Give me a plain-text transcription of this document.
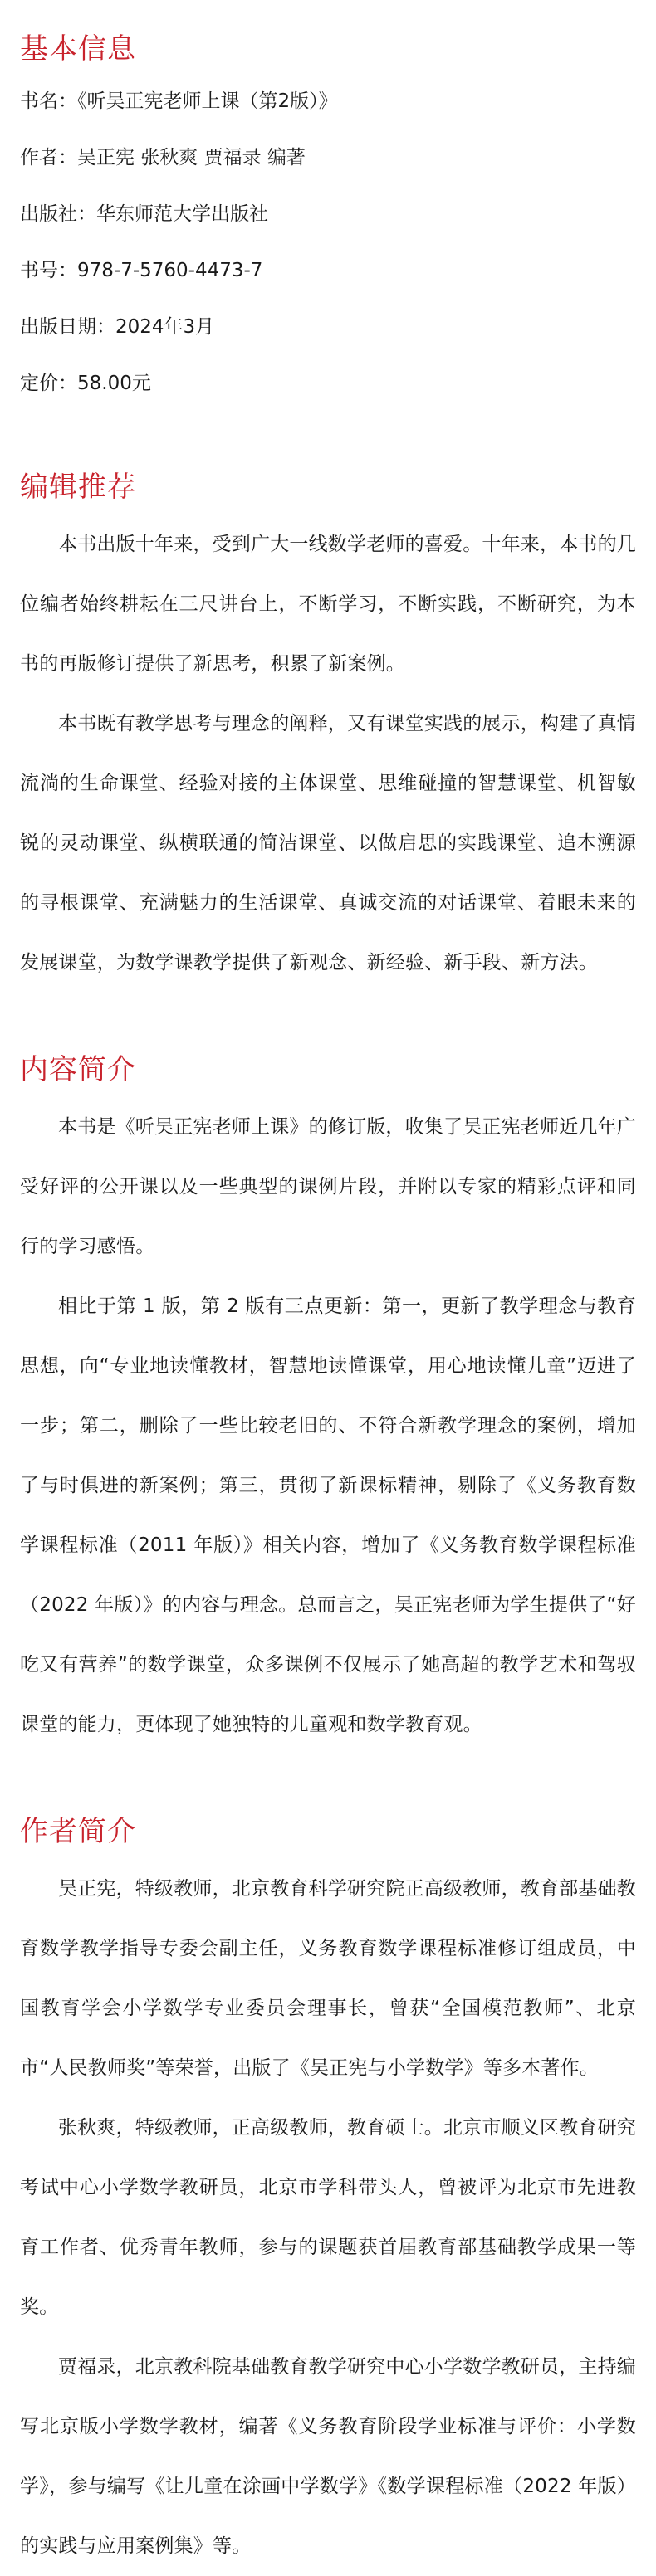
基本信息
书名：《听吴正宪老师上课（第2版）》
作者：吴正宪 张秋爽 贾福录 编著
出版社：华东师范大学出版社
书号：978-7-5760-4473-7
出版日期：2024年3月
定价：58.00元
编辑推荐

本书出版十年来，受到广大一线数学老师的喜爱。十年来，本书的几位编者始终耕耘在三尺讲台上，不断学习，不断实践，不断研究，为本书的再版修订提供了新思考，积累了新案例。

本书既有教学思考与理念的阐释，又有课堂实践的展示，构建了真情流淌的生命课堂、经验对接的主体课堂、思维碰撞的智慧课堂、机智敏锐的灵动课堂、纵横联通的简洁课堂、以做启思的实践课堂、追本溯源的寻根课堂、充满魅力的生活课堂、真诚交流的对话课堂、着眼未来的发展课堂，为数学课教学提供了新观念、新经验、新手段、新方法。

内容简介

本书是《听吴正宪老师上课》的修订版，收集了吴正宪老师近几年广受好评的公开课以及一些典型的课例片段，并附以专家的精彩点评和同行的学习感悟。

相比于第 1 版，第 2 版有三点更新：第一，更新了教学理念与教育思想，向“专业地读懂教材，智慧地读懂课堂，用心地读懂儿童”迈进了一步；第二，删除了一些比较老旧的、不符合新教学理念的案例，增加了与时俱进的新案例；第三，贯彻了新课标精神，剔除了《义务教育数学课程标准（2011 年版）》相关内容，增加了《义务教育数学课程标准（2022 年版）》的内容与理念。总而言之，吴正宪老师为学生提供了“好吃又有营养”的数学课堂，众多课例不仅展示了她高超的教学艺术和驾驭课堂的能力，更体现了她独特的儿童观和数学教育观。

作者简介

吴正宪，特级教师，北京教育科学研究院正高级教师，教育部基础教育数学教学指导专委会副主任，义务教育数学课程标准修订组成员，中国教育学会小学数学专业委员会理事长，曾获“全国模范教师”、北京市“人民教师奖”等荣誉，出版了《吴正宪与小学数学》等多本著作。

张秋爽，特级教师，正高级教师，教育硕士。北京市顺义区教育研究考试中心小学数学教研员，北京市学科带头人，曾被评为北京市先进教育工作者、优秀青年教师，参与的课题获首届教育部基础教学成果一等奖。

贾福录，北京教科院基础教育教学研究中心小学数学教研员，主持编写北京版小学数学教材，编著《义务教育阶段学业标准与评价：小学数学》，参与编写《让儿童在涂画中学数学》《数学课程标准（2022 年版）的实践与应用案例集》等。
